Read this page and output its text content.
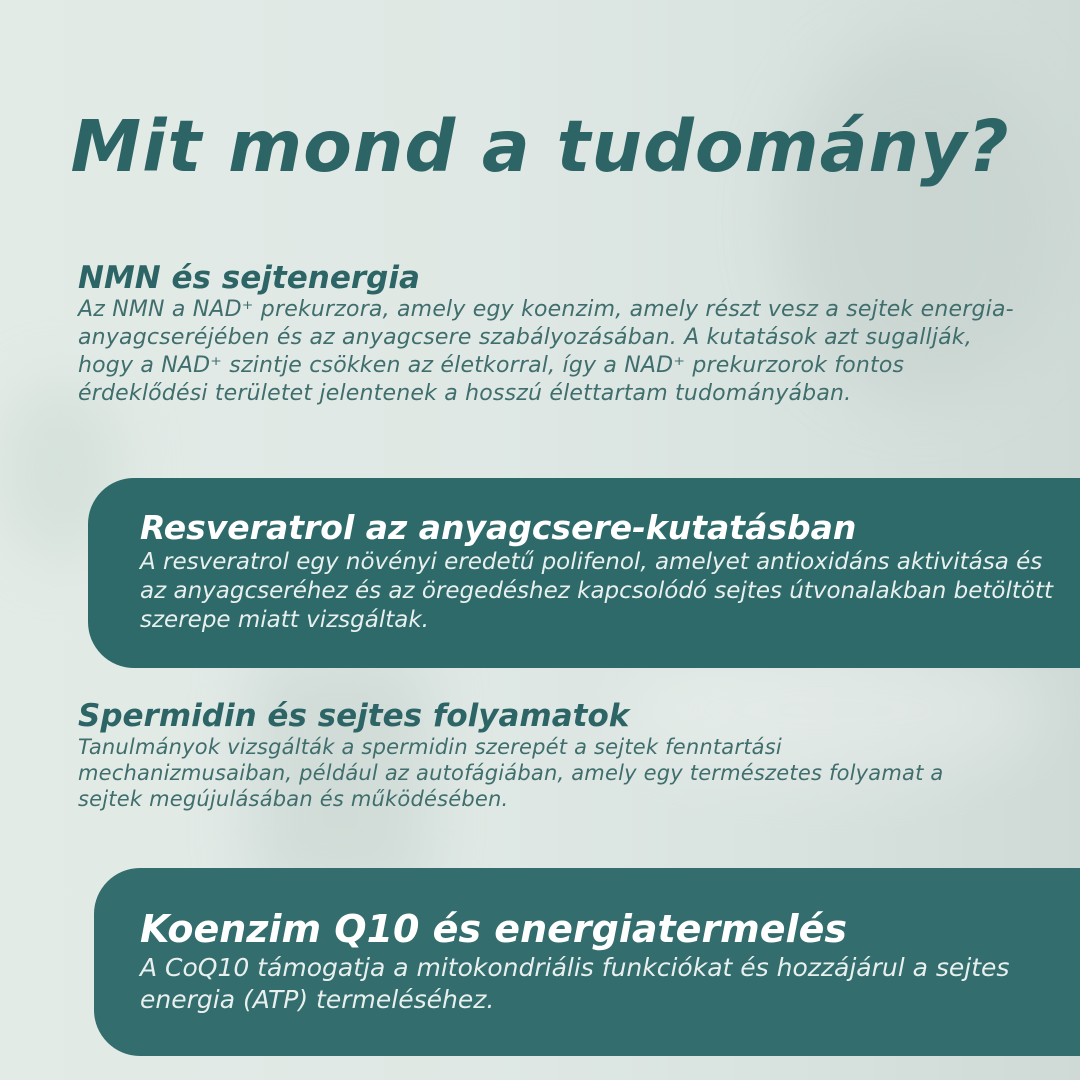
Mit mond a tudomány?
NMN és sejtenergia

Az NMN a NAD⁺ prekurzora, amely egy koenzim, amely részt vesz a sejtek energia-anyagcseréjében és az anyagcsere szabályozásában. A kutatások azt sugallják, hogy a NAD⁺ szintje csökken az életkorral, így a NAD⁺ prekurzorok fontos érdeklődési területet jelentenek a hosszú élettartam tudományában.

Resveratrol az anyagcsere-kutatásban

A resveratrol egy növényi eredetű polifenol, amelyet antioxidáns aktivitása és az anyagcseréhez és az öregedéshez kapcsolódó sejtes útvonalakban betöltött szerepe miatt vizsgáltak.

Spermidin és sejtes folyamatok

Tanulmányok vizsgálták a spermidin szerepét a sejtek fenntartási mechanizmusaiban, például az autofágiában, amely egy természetes folyamat a sejtek megújulásában és működésében.

Koenzim Q10 és energiatermelés

A CoQ10 támogatja a mitokondriális funkciókat és hozzájárul a sejtes energia (ATP) termeléséhez.
